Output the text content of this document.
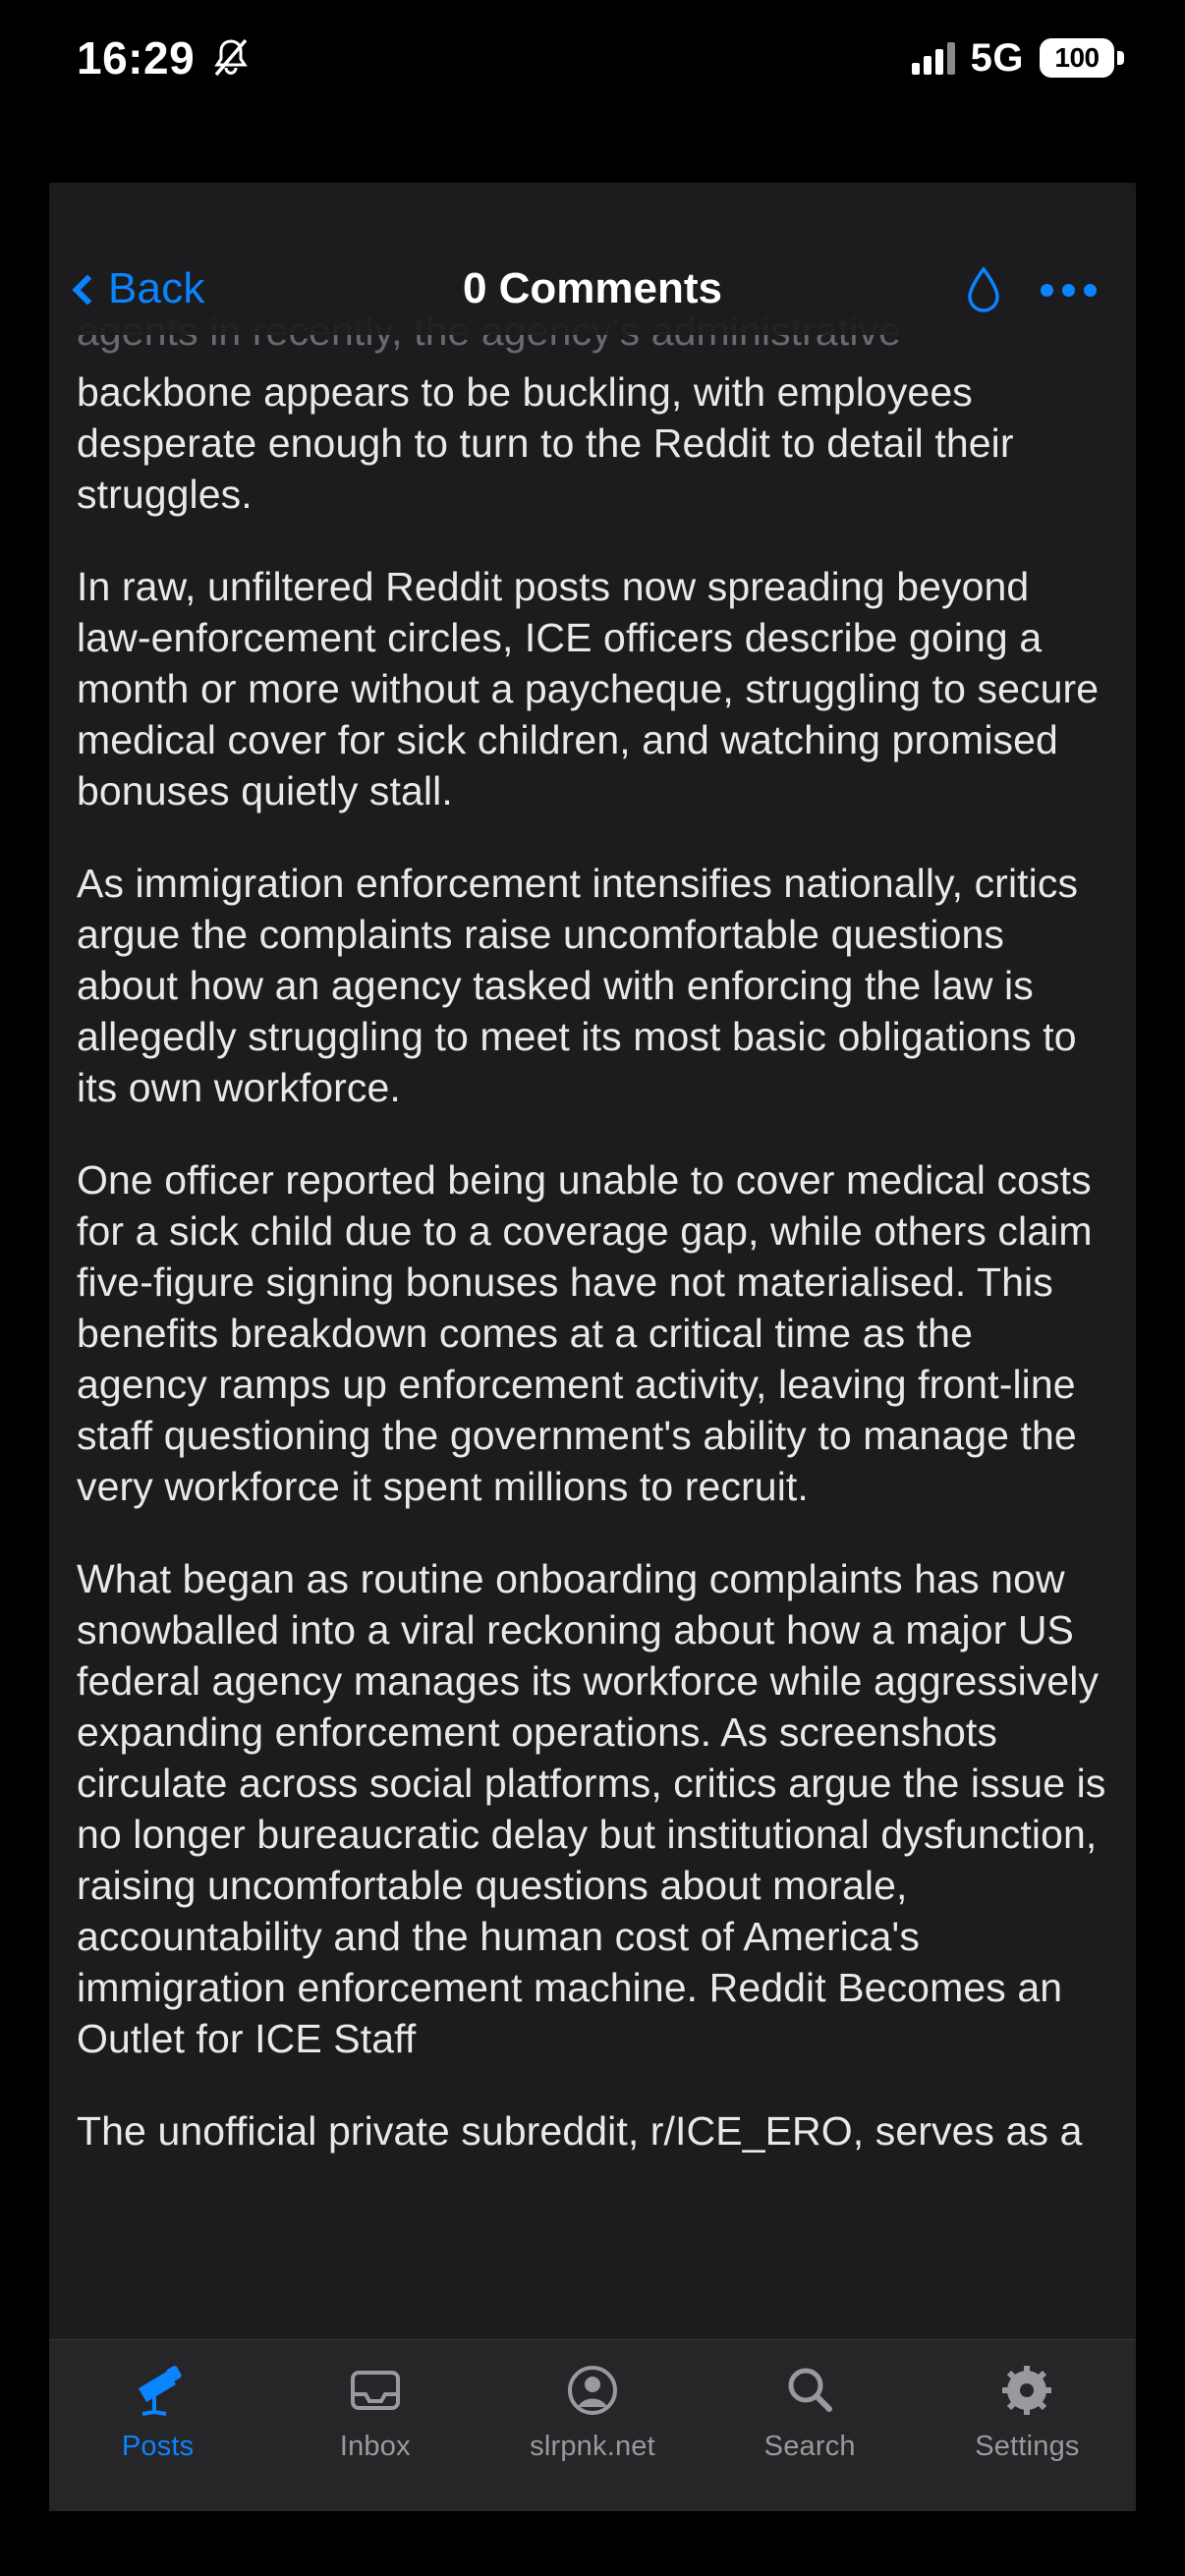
16:29	5G 100
Back	0 Comments

backbone appears to be buckling, with employees desperate enough to turn to the Reddit to detail their struggles.

In raw, unfiltered Reddit posts now spreading beyond law-enforcement circles, ICE officers describe going a month or more without a paycheque, struggling to secure medical cover for sick children, and watching promised bonuses quietly stall.

As immigration enforcement intensifies nationally, critics argue the complaints raise uncomfortable questions about how an agency tasked with enforcing the law is allegedly struggling to meet its most basic obligations to its own workforce.

One officer reported being unable to cover medical costs for a sick child due to a coverage gap, while others claim five-figure signing bonuses have not materialised. This benefits breakdown comes at a critical time as the agency ramps up enforcement activity, leaving front-line staff questioning the government's ability to manage the very workforce it spent millions to recruit.

What began as routine onboarding complaints has now snowballed into a viral reckoning about how a major US federal agency manages its workforce while aggressively expanding enforcement operations. As screenshots circulate across social platforms, critics argue the issue is no longer bureaucratic delay but institutional dysfunction, raising uncomfortable questions about morale, accountability and the human cost of America's immigration enforcement machine. Reddit Becomes an Outlet for ICE Staff

The unofficial private subreddit, r/ICE_ERO, serves as a

Posts	Inbox	slrpnk.net	Search	Settings
